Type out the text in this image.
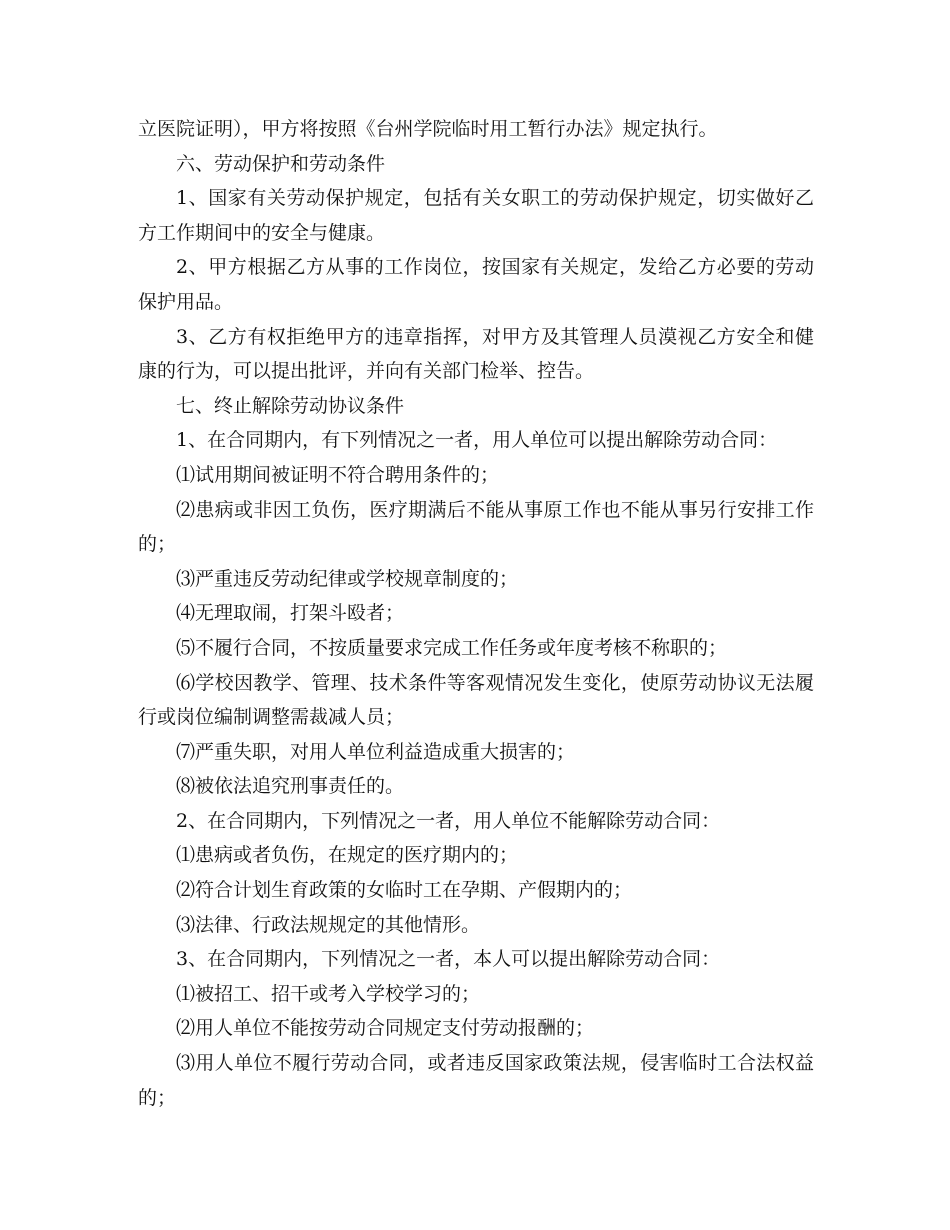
立医院证明），甲方将按照《台州学院临时用工暂行办法》规定执行。

六、劳动保护和劳动条件

1、国家有关劳动保护规定，包括有关女职工的劳动保护规定，切实做好乙方工作期间中的安全与健康。

2、甲方根据乙方从事的工作岗位，按国家有关规定，发给乙方必要的劳动保护用品。

3、乙方有权拒绝甲方的违章指挥，对甲方及其管理人员漠视乙方安全和健康的行为，可以提出批评，并向有关部门检举、控告。

七、终止解除劳动协议条件

1、在合同期内，有下列情况之一者，用人单位可以提出解除劳动合同：

⑴试用期间被证明不符合聘用条件的；

⑵患病或非因工负伤，医疗期满后不能从事原工作也不能从事另行安排工作的；

⑶严重违反劳动纪律或学校规章制度的；

⑷无理取闹，打架斗殴者；

⑸不履行合同，不按质量要求完成工作任务或年度考核不称职的；

⑹学校因教学、管理、技术条件等客观情况发生变化，使原劳动协议无法履行或岗位编制调整需裁减人员；

⑺严重失职，对用人单位利益造成重大损害的；

⑻被依法追究刑事责任的。

2、在合同期内，下列情况之一者，用人单位不能解除劳动合同：

⑴患病或者负伤，在规定的医疗期内的；

⑵符合计划生育政策的女临时工在孕期、产假期内的；

⑶法律、行政法规规定的其他情形。

3、在合同期内，下列情况之一者，本人可以提出解除劳动合同：

⑴被招工、招干或考入学校学习的；

⑵用人单位不能按劳动合同规定支付劳动报酬的；

⑶用人单位不履行劳动合同，或者违反国家政策法规，侵害临时工合法权益的；
